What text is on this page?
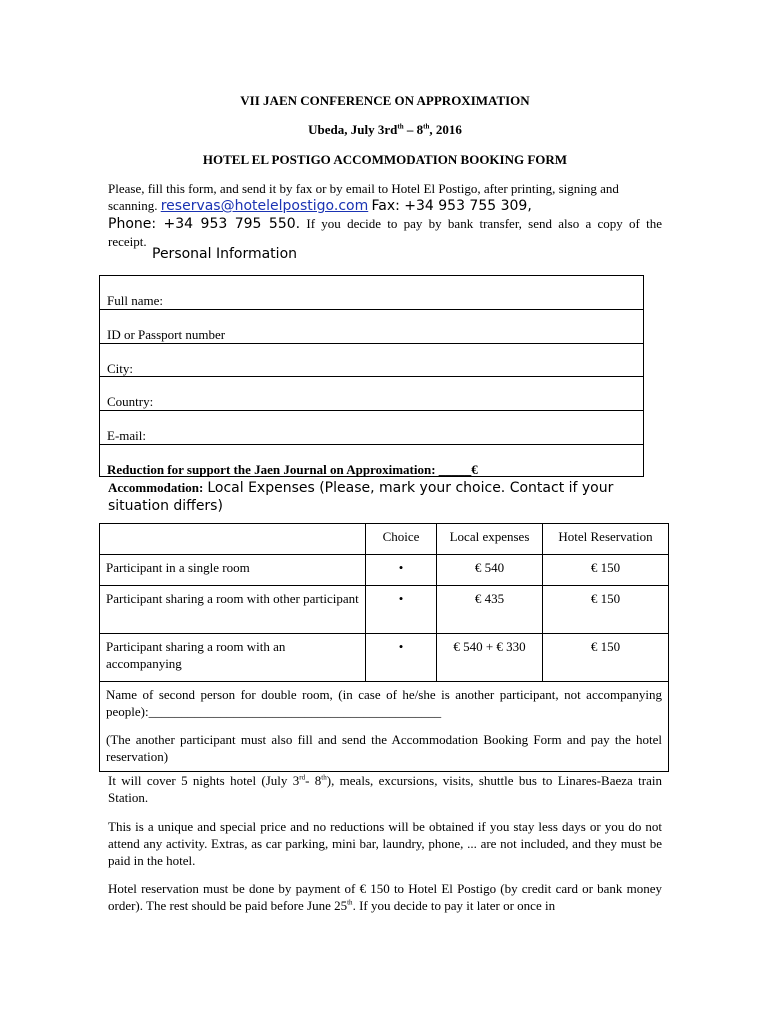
VII JAEN CONFERENCE ON APPROXIMATION
Ubeda, July $3rd^{th} - 8th$, 2016
HOTEL EL POSTIGO ACCOMMODATION BOOKING FORM
Please, fill this form, and send it by fax or by email to Hotel El Postigo, after printing, signing and
scanning. reservas@hotelelpostigo.com Fax: +34 953 755 309,
Phone: +34 953 795 550. If you decide to pay by bank transfer, send also a copy of the
receipt.
Personal Information
Full name:
ID or Passport number
City:
Country:
E-mail:
Reduction for support the Jaen Journal on Approximation: _____€
Accommodation: Local Expenses (Please, mark your choice. Contact if your
situation differs)
	Choice	Local expenses	Hotel Reservation
Participant in a single room	•	€ 540	€ 150
Participant sharing a room with other participant	•	€ 435	€ 150
Participant sharing a room with an accompanying	•	€ 540 + € 330	€ 150

Name of second person for double room, (in case of he/she is another participant, not accompanying people):_____________________________________________
(The another participant must also fill and send the Accommodation Booking Form and pay the hotel reservation)			
It will cover 5 nights hotel (July 3rd- 8th), meals, excursions, visits, shuttle bus to Linares-Baeza train Station.
This is a unique and special price and no reductions will be obtained if you stay less days or you do not attend any activity. Extras, as car parking, mini bar, laundry, phone, ... are not included, and they must be paid in the hotel.
Hotel reservation must be done by payment of € 150 to Hotel El Postigo (by credit card or bank money order). The rest should be paid before June 25th. If you decide to pay it later or once in
